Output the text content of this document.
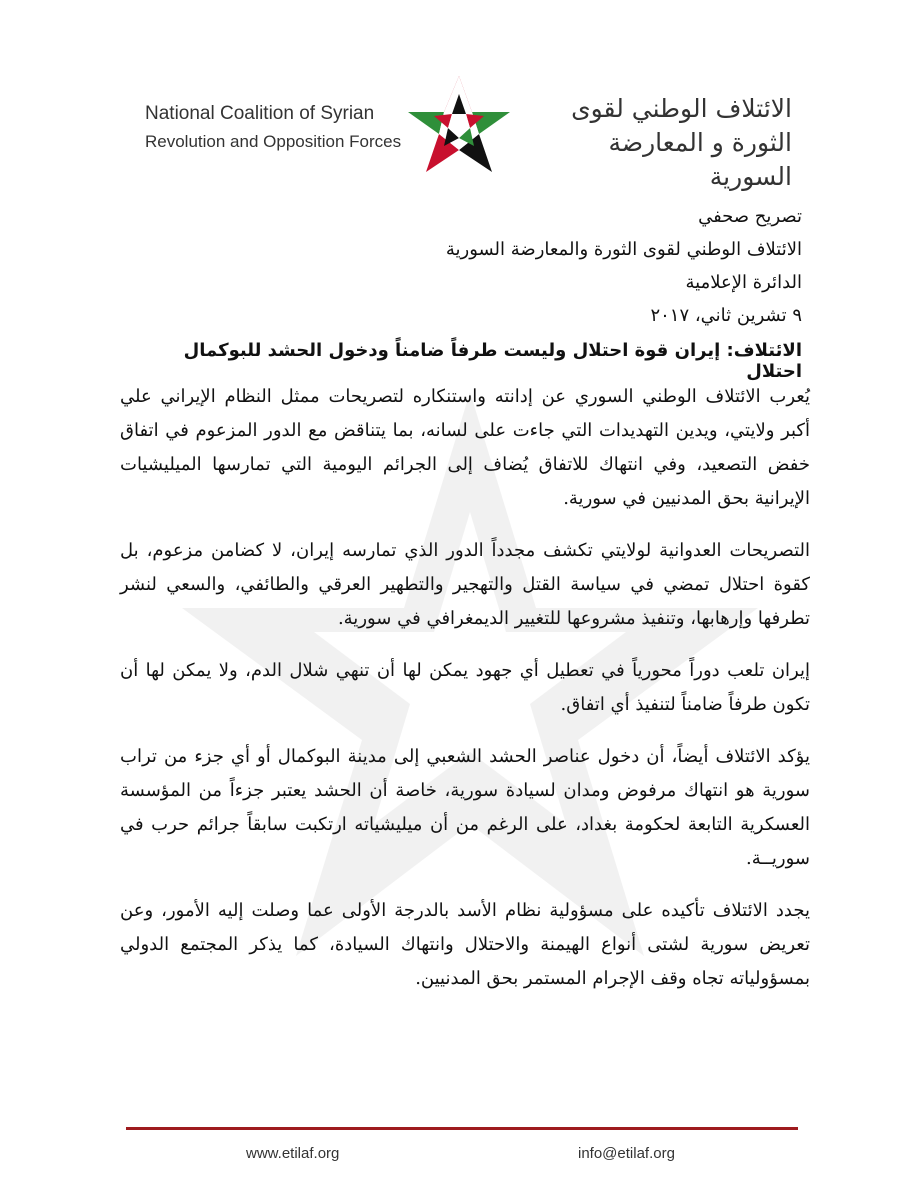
National Coalition of Syrian
Revolution and Opposition Forces
الائتلاف الوطني لقوى
الثورة و المعارضة السورية
تصريح صحفي
الائتلاف الوطني لقوى الثورة والمعارضة السورية
الدائرة الإعلامية
٩ تشرين ثاني، ٢٠١٧
الائتلاف: إيران قوة احتلال وليست طرفاً ضامناً ودخول الحشد للبوكمال احتلال

يُعرب الائتلاف الوطني السوري عن إدانته واستنكاره لتصريحات ممثل النظام الإيراني علي أكبر ولايتي، ويدين التهديدات التي جاءت على لسانه، بما يتناقض مع الدور المزعوم في اتفاق خفض التصعيد، وفي انتهاك للاتفاق يُضاف إلى الجرائم اليومية التي تمارسها الميليشيات الإيرانية بحق المدنيين في سورية.

التصريحات العدوانية لولايتي تكشف مجدداً الدور الذي تمارسه إيران، لا كضامن مزعوم، بل كقوة احتلال تمضي في سياسة القتل والتهجير والتطهير العرقي والطائفي، والسعي لنشر تطرفها وإرهابها، وتنفيذ مشروعها للتغيير الديمغرافي في سورية.

إيران تلعب دوراً محورياً في تعطيل أي جهود يمكن لها أن تنهي شلال الدم، ولا يمكن لها أن تكون طرفاً ضامناً لتنفيذ أي اتفاق.

يؤكد الائتلاف أيضاً، أن دخول عناصر الحشد الشعبي إلى مدينة البوكمال أو أي جزء من تراب سورية هو انتهاك مرفوض ومدان لسيادة سورية، خاصة أن الحشد يعتبر جزءاً من المؤسسة العسكرية التابعة لحكومة بغداد، على الرغم من أن ميليشياته ارتكبت سابقاً جرائم حرب في سوريــة.

يجدد الائتلاف تأكيده على مسؤولية نظام الأسد بالدرجة الأولى عما وصلت إليه الأمور، وعن تعريض سورية لشتى أنواع الهيمنة والاحتلال وانتهاك السيادة، كما يذكر المجتمع الدولي بمسؤولياته تجاه وقف الإجرام المستمر بحق المدنيين.

www.etilaf.org	info@etilaf.org
